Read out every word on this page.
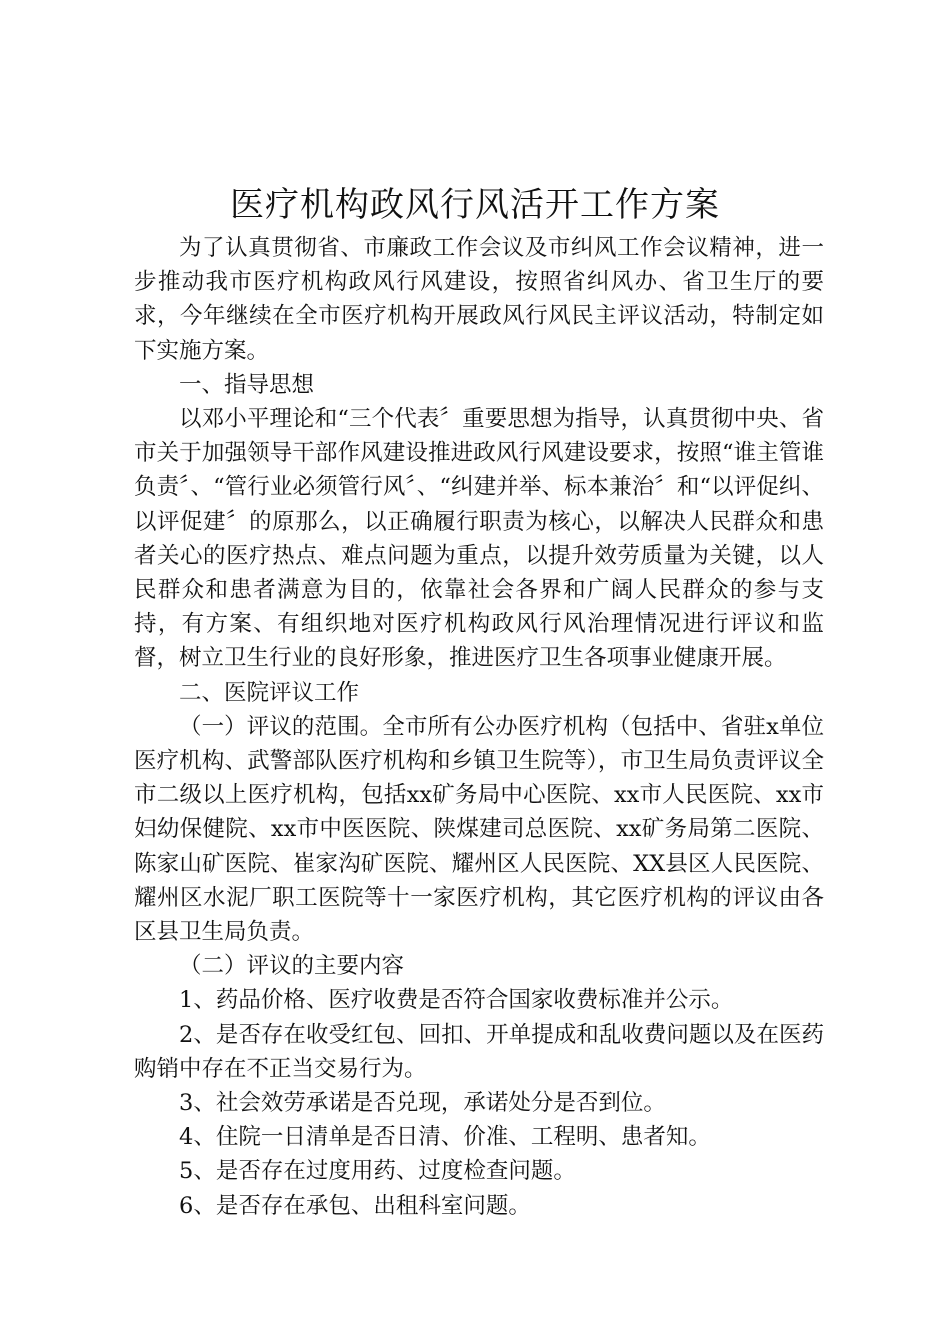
医疗机构政风行风活开工作方案

为了认真贯彻省、市廉政工作会议及市纠风工作会议精神，进一步推动我市医疗机构政风行风建设，按照省纠风办、省卫生厅的要求，今年继续在全市医疗机构开展政风行风民主评议活动，特制定如下实施方案。

一、指导思想

以邓小平理论和“三个代表〞重要思想为指导，认真贯彻中央、省市关于加强领导干部作风建设推进政风行风建设要求，按照“谁主管谁负责〞、“管行业必须管行风〞、“纠建并举、标本兼治〞和“以评促纠、以评促建〞的原那么，以正确履行职责为核心，以解决人民群众和患者关心的医疗热点、难点问题为重点，以提升效劳质量为关键，以人民群众和患者满意为目的，依靠社会各界和广阔人民群众的参与支持，有方案、有组织地对医疗机构政风行风治理情况进行评议和监督，树立卫生行业的良好形象，推进医疗卫生各项事业健康开展。

二、医院评议工作

（一）评议的范围。全市所有公办医疗机构（包括中、省驻x单位医疗机构、武警部队医疗机构和乡镇卫生院等），市卫生局负责评议全市二级以上医疗机构，包括xx矿务局中心医院、xx市人民医院、xx市妇幼保健院、xx市中医医院、陕煤建司总医院、xx矿务局第二医院、陈家山矿医院、崔家沟矿医院、耀州区人民医院、XX县区人民医院、耀州区水泥厂职工医院等十一家医疗机构，其它医疗机构的评议由各区县卫生局负责。

（二）评议的主要内容

1、药品价格、医疗收费是否符合国家收费标准并公示。

2、是否存在收受红包、回扣、开单提成和乱收费问题以及在医药购销中存在不正当交易行为。

3、社会效劳承诺是否兑现，承诺处分是否到位。

4、住院一日清单是否日清、价准、工程明、患者知。

5、是否存在过度用药、过度检查问题。

6、是否存在承包、出租科室问题。
